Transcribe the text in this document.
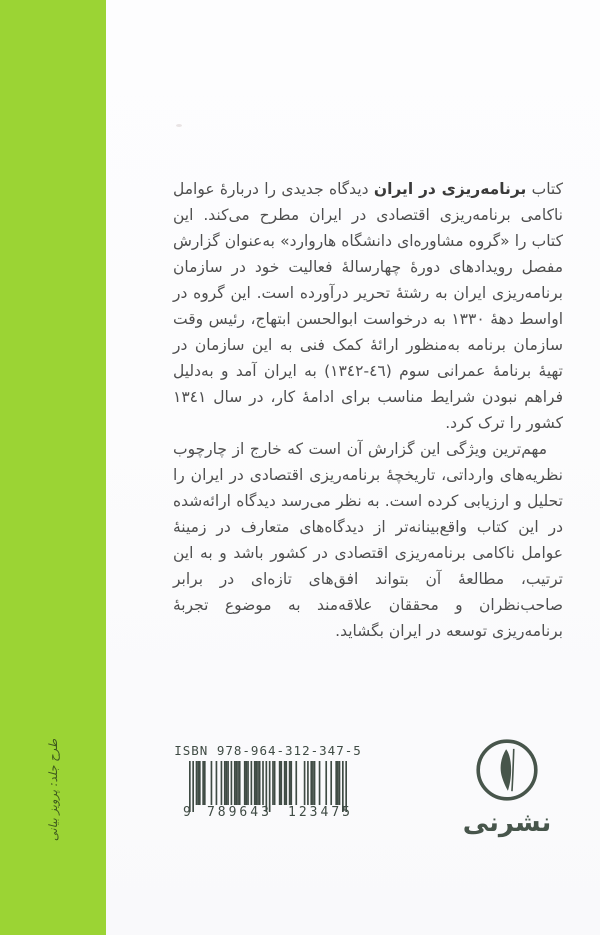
طرح جلد: پرویز بیانی

کتاب برنامه‌ریزی در ایران دیدگاه جدیدی را دربارهٔ عوامل ناکامی برنامه‌ریزی اقتصادی در ایران مطرح می‌کند. این کتاب را «گروه مشاوره‌ای دانشگاه هاروارد» به‌عنوان گزارش مفصل رویدادهای دورهٔ چهارسالهٔ فعالیت خود در سازمان برنامه‌ریزی ایران به رشتهٔ تحریر درآورده است. این گروه در اواسط دهۀ ١٣٣٠ به درخواست ابوالحسن ابتهاج، رئیس وقت سازمان برنامه به‌منظور ارائهٔ کمک فنی به این سازمان در تهیهٔ برنامهٔ عمرانی سوم (٤٦-١٣٤٢) به ایران آمد و به‌دلیل فراهم نبودن شرایط مناسب برای ادامهٔ کار، در سال ١٣٤١ کشور را ترک کرد.

مهم‌ترین ویژگی این گزارش آن است که خارج از چارچوب نظریه‌های وارداتی، تاریخچهٔ برنامه‌ریزی اقتصادی در ایران را تحلیل و ارزیابی کرده است. به نظر می‌رسد دیدگاه ارائه‌شده در این کتاب واقع‌بینانه‌تر از دیدگاه‌های متعارف در زمینهٔ عوامل ناکامی برنامه‌ریزی اقتصادی در کشور باشد و به این ترتیب، مطالعهٔ آن بتواند افق‌های تازه‌ای در برابر صاحب‌نظران و محققان علاقه‌مند به موضوع تجربهٔ برنامه‌ریزی توسعه در ایران بگشاید.

ISBN 978-964-312-347-5
9 789643 123475	نشرنی
